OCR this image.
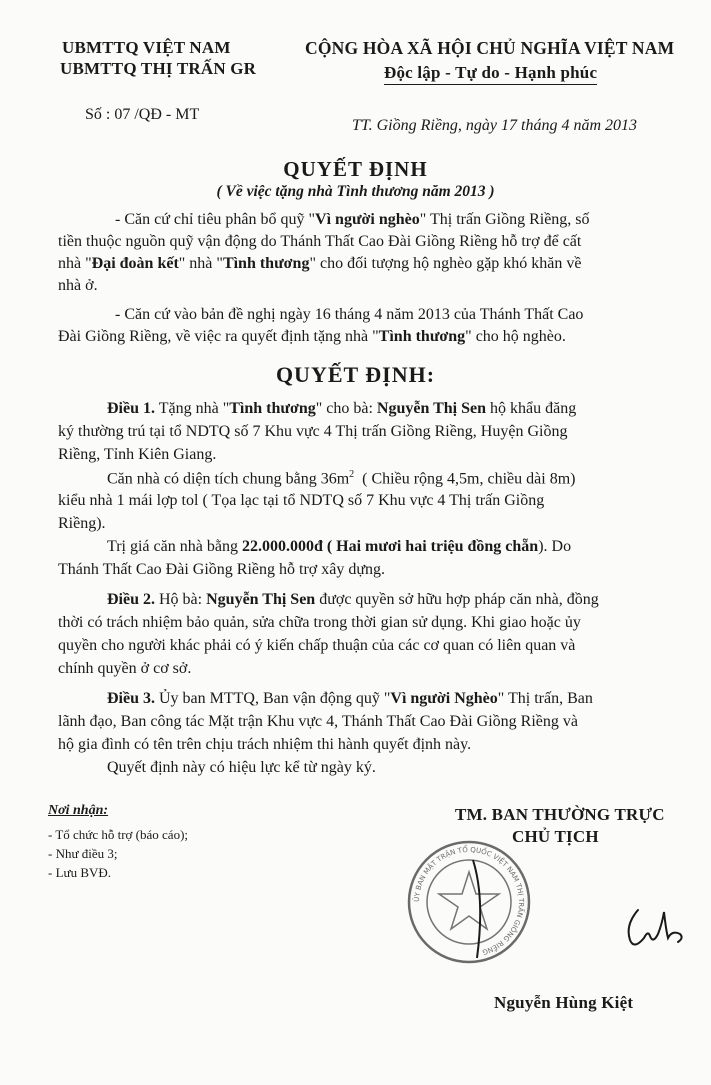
UBMTTQ VIỆT NAM
UBMTTQ THỊ TRẤN GR
Số : 07 /QĐ - MT
CỘNG HÒA XÃ HỘI CHỦ NGHĨA VIỆT NAM
Độc lập - Tự do - Hạnh phúc
TT. Giồng Riềng, ngày 17 tháng 4 năm 2013
QUYẾT ĐỊNH
( Về việc tặng nhà Tình thương năm 2013 )
- Căn cứ chỉ tiêu phân bổ quỹ "Vì người nghèo" Thị trấn Giồng Riềng, số
tiền thuộc nguồn quỹ vận động do Thánh Thất Cao Đài Giồng Riềng hỗ trợ để cất
nhà "Đại đoàn kết" nhà "Tình thương" cho đối tượng hộ nghèo gặp khó khăn về
nhà ở.
- Căn cứ vào bản đề nghị ngày 16 tháng 4 năm 2013 của Thánh Thất Cao
Đài Giồng Riềng, về việc ra quyết định tặng nhà "Tình thương" cho hộ nghèo.
QUYẾT ĐỊNH:
Điều 1. Tặng nhà "Tình thương" cho bà: Nguyễn Thị Sen hộ khẩu đăng
ký thường trú tại tổ NDTQ số 7 Khu vực 4 Thị trấn Giồng Riềng, Huyện Giồng
Riềng, Tỉnh Kiên Giang.
Căn nhà có diện tích chung bằng $36m^2$ ( Chiều rộng 4,5m, chiều dài 8m)
kiểu nhà 1 mái lợp tol ( Tọa lạc tại tổ NDTQ số 7 Khu vực 4 Thị trấn Giồng
Riềng).
Trị giá căn nhà bằng 22.000.000đ ( Hai mươi hai triệu đồng chẵn). Do
Thánh Thất Cao Đài Giồng Riềng hỗ trợ xây dựng.
Điều 2. Hộ bà: Nguyễn Thị Sen được quyền sở hữu hợp pháp căn nhà, đồng
thời có trách nhiệm bảo quản, sửa chữa trong thời gian sử dụng. Khi giao hoặc ủy
quyền cho người khác phải có ý kiến chấp thuận của các cơ quan có liên quan và
chính quyền ở cơ sở.
Điều 3. Ủy ban MTTQ, Ban vận động quỹ "Vì người Nghèo" Thị trấn, Ban
lãnh đạo, Ban công tác Mặt trận Khu vực 4, Thánh Thất Cao Đài Giồng Riềng và
hộ gia đình có tên trên chịu trách nhiệm thi hành quyết định này.
Quyết định này có hiệu lực kể từ ngày ký.
Nơi nhận:
- Tổ chức hỗ trợ (báo cáo);
- Như điều 3;
- Lưu BVĐ.
TM. BAN THƯỜNG TRỰC
CHỦ TỊCH
ỦY BAN MẶT TRẬN TỔ QUỐC VIỆT NAM THỊ TRẤN GIỒNG RIỀNG
Nguyễn Hùng Kiệt
